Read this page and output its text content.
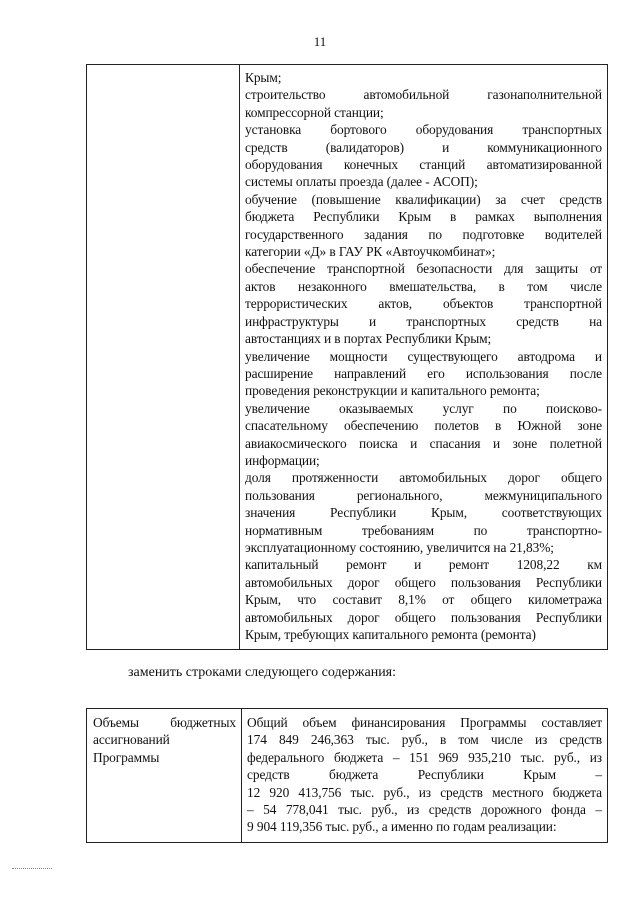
11

Крым;
строительство автомобильной газонаполнительной
компрессорной станции;
установка бортового оборудования транспортных
средств (валидаторов) и коммуникационного
оборудования конечных станций автоматизированной
системы оплаты проезда (далее - АСОП);
обучение (повышение квалификации) за счет средств
бюджета Республики Крым в рамках выполнения
государственного задания по подготовке водителей
категории «Д» в ГАУ РК «Автоучкомбинат»;
обеспечение транспортной безопасности для защиты от
актов незаконного вмешательства, в том числе
террористических актов, объектов транспортной
инфраструктуры и транспортных средств на
автостанциях и в портах Республики Крым;
увеличение мощности существующего автодрома и
расширение направлений его использования после
проведения реконструкции и капитального ремонта;
увеличение оказываемых услуг по поисково-
спасательному обеспечению полетов в Южной зоне
авиакосмического поиска и спасания и зоне полетной
информации;
доля протяженности автомобильных дорог общего
пользования регионального, межмуниципального
значения Республики Крым, соответствующих
нормативным требованиям по транспортно-
эксплуатационному состоянию, увеличится на 21,83%;
капитальный ремонт и ремонт 1208,22 км
автомобильных дорог общего пользования Республики
Крым, что составит 8,1% от общего километража
автомобильных дорог общего пользования Республики
Крым, требующих капитального ремонта (ремонта)
заменить строками следующего содержания:
Объемы бюджетных
ассигнований
Программы

Общий объем финансирования Программы составляет
174 849 246,363 тыс. руб., в том числе из средств
федерального бюджета – 151 969 935,210 тыс. руб., из
средств бюджета Республики Крым –
12 920 413,756 тыс. руб., из средств местного бюджета
– 54 778,041 тыс. руб., из средств дорожного фонда –
9 904 119,356 тыс. руб., а именно по годам реализации:
